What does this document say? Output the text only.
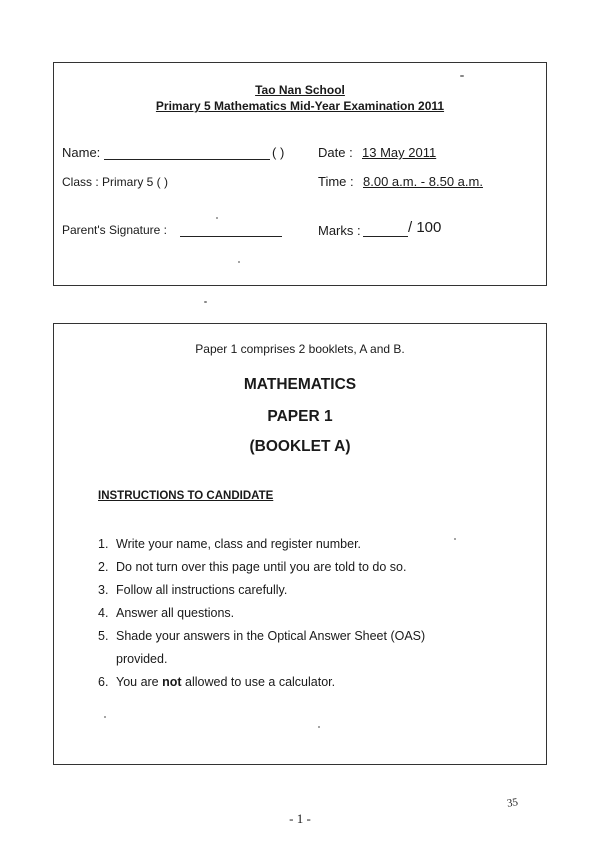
Tao Nan School
Primary 5 Mathematics Mid-Year Examination 2011
Name:	( )	Date : 13 May 2011
Class : Primary 5 ( )	Time : 8.00 a.m. - 8.50 a.m.
Parent's Signature :	Marks :	/ 100
Paper 1 comprises 2 booklets, A and B.
MATHEMATICS
PAPER 1
(BOOKLET A)
INSTRUCTIONS TO CANDIDATE
1. Write your name, class and register number.
2. Do not turn over this page until you are told to do so.
3. Follow all instructions carefully.
4. Answer all questions.
5. Shade your answers in the Optical Answer Sheet (OAS)
provided.
6. You are not allowed to use a calculator.
- 1 -
35
